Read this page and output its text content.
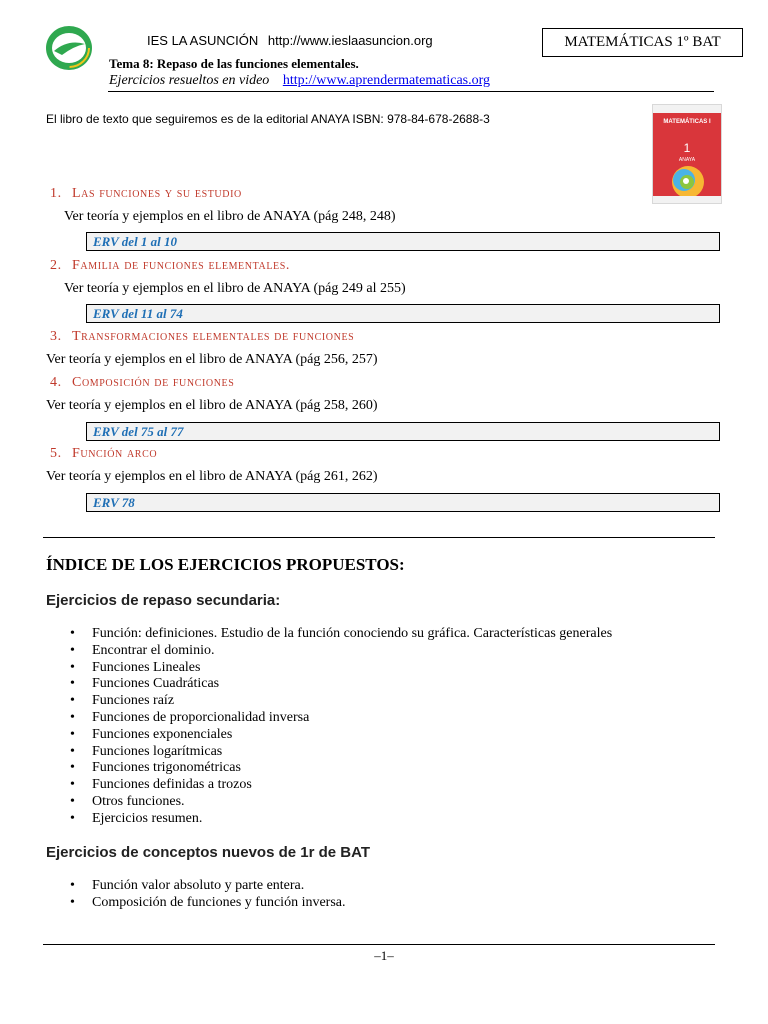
IES LA ASUNCIÓN http://www.ieslaasuncion.org	MATEMÁTICAS 1º BAT
Tema 8: Repaso de las funciones elementales.
Ejercicios resueltos en video http://www.aprendermatematicas.org
El libro de texto que seguiremos es de la editorial ANAYA ISBN: 978-84-678-2688-3	MATEMÁTICAS I
1
ANAYA
1. Las funciones y su estudio
Ver teoría y ejemplos en el libro de ANAYA (pág 248, 248)
ERV del 1 al 10
2. Familia de funciones elementales.
Ver teoría y ejemplos en el libro de ANAYA (pág 249 al 255)
ERV del 11 al 74
3. Transformaciones elementales de funciones
Ver teoría y ejemplos en el libro de ANAYA (pág 256, 257)
4. Composición de funciones
Ver teoría y ejemplos en el libro de ANAYA (pág 258, 260)
ERV del 75 al 77
5. Función arco
Ver teoría y ejemplos en el libro de ANAYA (pág 261, 262)
ERV 78
ÍNDICE DE LOS EJERCICIOS PROPUESTOS:
Ejercicios de repaso secundaria:
• Función: definiciones. Estudio de la función conociendo su gráfica. Características generales
• Encontrar el dominio.
• Funciones Lineales
• Funciones Cuadráticas
• Funciones raíz
• Funciones de proporcionalidad inversa
• Funciones exponenciales
• Funciones logarítmicas
• Funciones trigonométricas
• Funciones definidas a trozos
• Otros funciones.
• Ejercicios resumen.
Ejercicios de conceptos nuevos de 1r de BAT
• Función valor absoluto y parte entera.
• Composición de funciones y función inversa.
–1–
